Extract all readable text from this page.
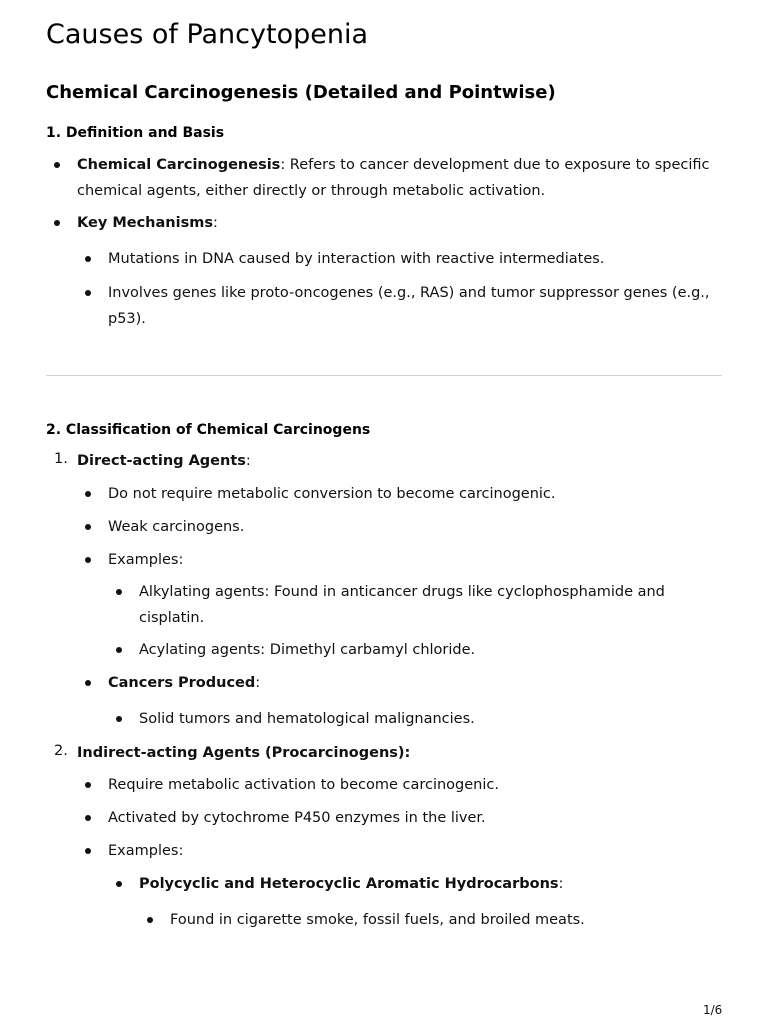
Causes of Pancytopenia
Chemical Carcinogenesis (Detailed and Pointwise)
1. Definition and Basis
Chemical Carcinogenesis: Refers to cancer development due to exposure to specific
chemical agents, either directly or through metabolic activation.
Key Mechanisms:
Mutations in DNA caused by interaction with reactive intermediates.
Involves genes like proto-oncogenes (e.g., RAS) and tumor suppressor genes (e.g.,
p53).
2. Classification of Chemical Carcinogens
1. Direct-acting Agents:
Do not require metabolic conversion to become carcinogenic.
Weak carcinogens.
Examples:
Alkylating agents: Found in anticancer drugs like cyclophosphamide and
cisplatin.
Acylating agents: Dimethyl carbamyl chloride.
Cancers Produced:
Solid tumors and hematological malignancies.
2. Indirect-acting Agents (Procarcinogens):
Require metabolic activation to become carcinogenic.
Activated by cytochrome P450 enzymes in the liver.
Examples:
Polycyclic and Heterocyclic Aromatic Hydrocarbons:
Found in cigarette smoke, fossil fuels, and broiled meats.
1/6
